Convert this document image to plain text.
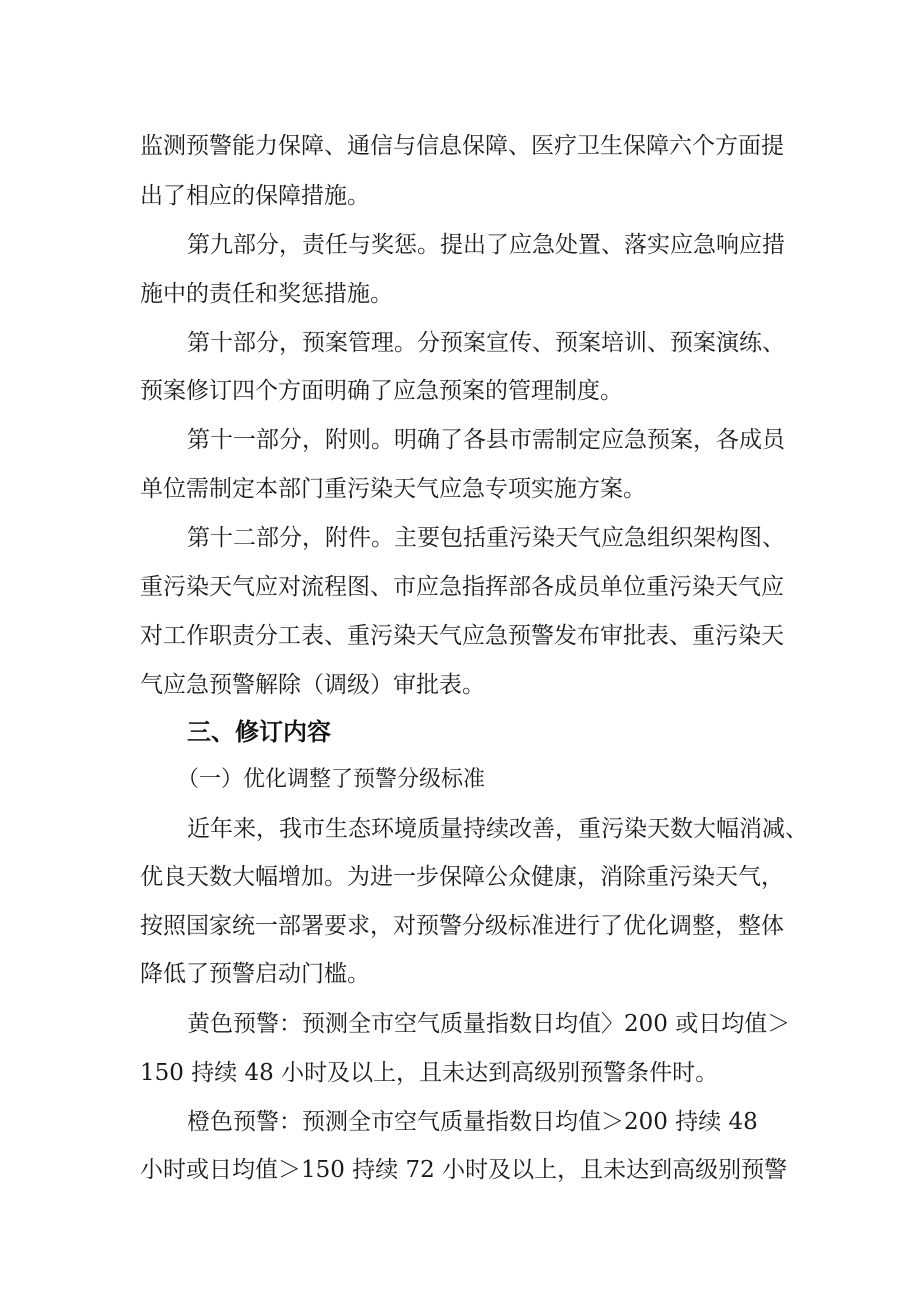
监测预警能力保障、通信与信息保障、医疗卫生保障六个方面提
出了相应的保障措施。
第九部分，责任与奖惩。提出了应急处置、落实应急响应措
施中的责任和奖惩措施。
第十部分，预案管理。分预案宣传、预案培训、预案演练、
预案修订四个方面明确了应急预案的管理制度。
第十一部分，附则。明确了各县市需制定应急预案，各成员
单位需制定本部门重污染天气应急专项实施方案。
第十二部分，附件。主要包括重污染天气应急组织架构图、
重污染天气应对流程图、市应急指挥部各成员单位重污染天气应
对工作职责分工表、重污染天气应急预警发布审批表、重污染天
气应急预警解除（调级）审批表。
三、修订内容
（一）优化调整了预警分级标准
近年来，我市生态环境质量持续改善，重污染天数大幅消减、
优良天数大幅增加。为进一步保障公众健康，消除重污染天气，
按照国家统一部署要求，对预警分级标准进行了优化调整，整体
降低了预警启动门槛。
黄色预警：预测全市空气质量指数日均值〉200 或日均值＞
150 持续 48 小时及以上，且未达到高级别预警条件时。
橙色预警：预测全市空气质量指数日均值＞200 持续 48
小时或日均值＞150 持续 72 小时及以上，且未达到高级别预警
